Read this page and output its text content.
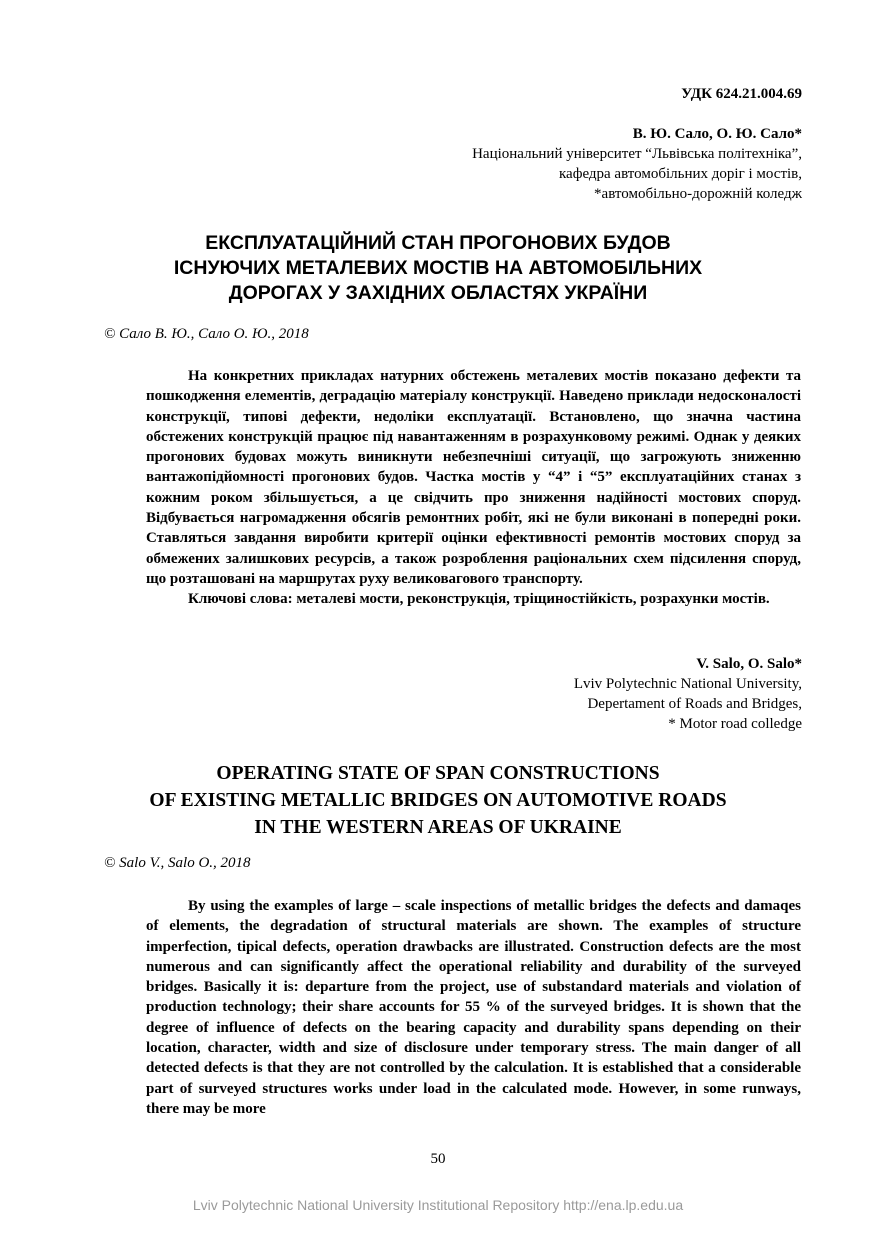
УДК 624.21.004.69
В. Ю. Сало, О. Ю. Сало*
Національний університет “Львівська політехніка”,
кафедра автомобільних доріг і мостів,
*автомобільно-дорожній коледж
ЕКСПЛУАТАЦІЙНИЙ СТАН ПРОГОНОВИХ БУДОВ
ІСНУЮЧИХ МЕТАЛЕВИХ МОСТІВ НА АВТОМОБІЛЬНИХ
ДОРОГАХ У ЗАХІДНИХ ОБЛАСТЯХ УКРАЇНИ
© Сало В. Ю., Сало О. Ю., 2018

На конкретних прикладах натурних обстежень металевих мостів показано дефекти та пошкодження елементів, деградацію матеріалу конструкції. Наведено приклади недосконалості конструкції, типові дефекти, недоліки експлуатації. Встановлено, що значна частина обстежених конструкцій працює під навантаженням в розрахунковому режимі. Однак у деяких прогонових будовах можуть виникнути небезпечніші ситуації, що загрожують зниженню вантажопідйомності прогонових будов. Частка мостів у “4” і “5” експлуатаційних станах з кожним роком збільшується, а це свідчить про зниження надійності мостових споруд. Відбувається нагромадження обсягів ремонтних робіт, які не були виконані в попередні роки. Ставляться завдання виробити критерії оцінки ефективності ремонтів мостових споруд за обмежених залишкових ресурсів, а також розроблення раціональних схем підсилення споруд, що розташовані на маршрутах руху великовагового транспорту.

Ключові слова: металеві мости, реконструкція, тріщиностійкість, розрахунки мостів.

V. Salo, O. Salo*
Lviv Polytechnic National University,
Depertament of Roads and Bridges,
* Motor road colledge
OPERATING STATE OF SPAN CONSTRUCTIONS
OF EXISTING METALLIC BRIDGES ON AUTOMOTIVE ROADS
IN THE WESTERN AREAS OF UKRAINE
© Salo V., Salo O., 2018

By using the examples of large – scale inspections of metallic bridges the defects and damaqes of elements, the degradation of structural materials are shown. The examples of structure imperfection, tipical defects, operation drawbacks are illustrated. Construction defects are the most numerous and can significantly affect the operational reliability and durability of the surveyed bridges. Basically it is: departure from the project, use of substandard materials and violation of production technology; their share accounts for 55 % of the surveyed bridges. It is shown that the degree of influence of defects on the bearing capacity and durability spans depending on their location, character, width and size of disclosure under temporary stress. The main danger of all detected defects is that they are not controlled by the calculation. It is established that a considerable part of surveyed structures works under load in the calculated mode. However, in some runways, there may be more

50
Lviv Polytechnic National University Institutional Repository http://ena.lp.edu.ua
